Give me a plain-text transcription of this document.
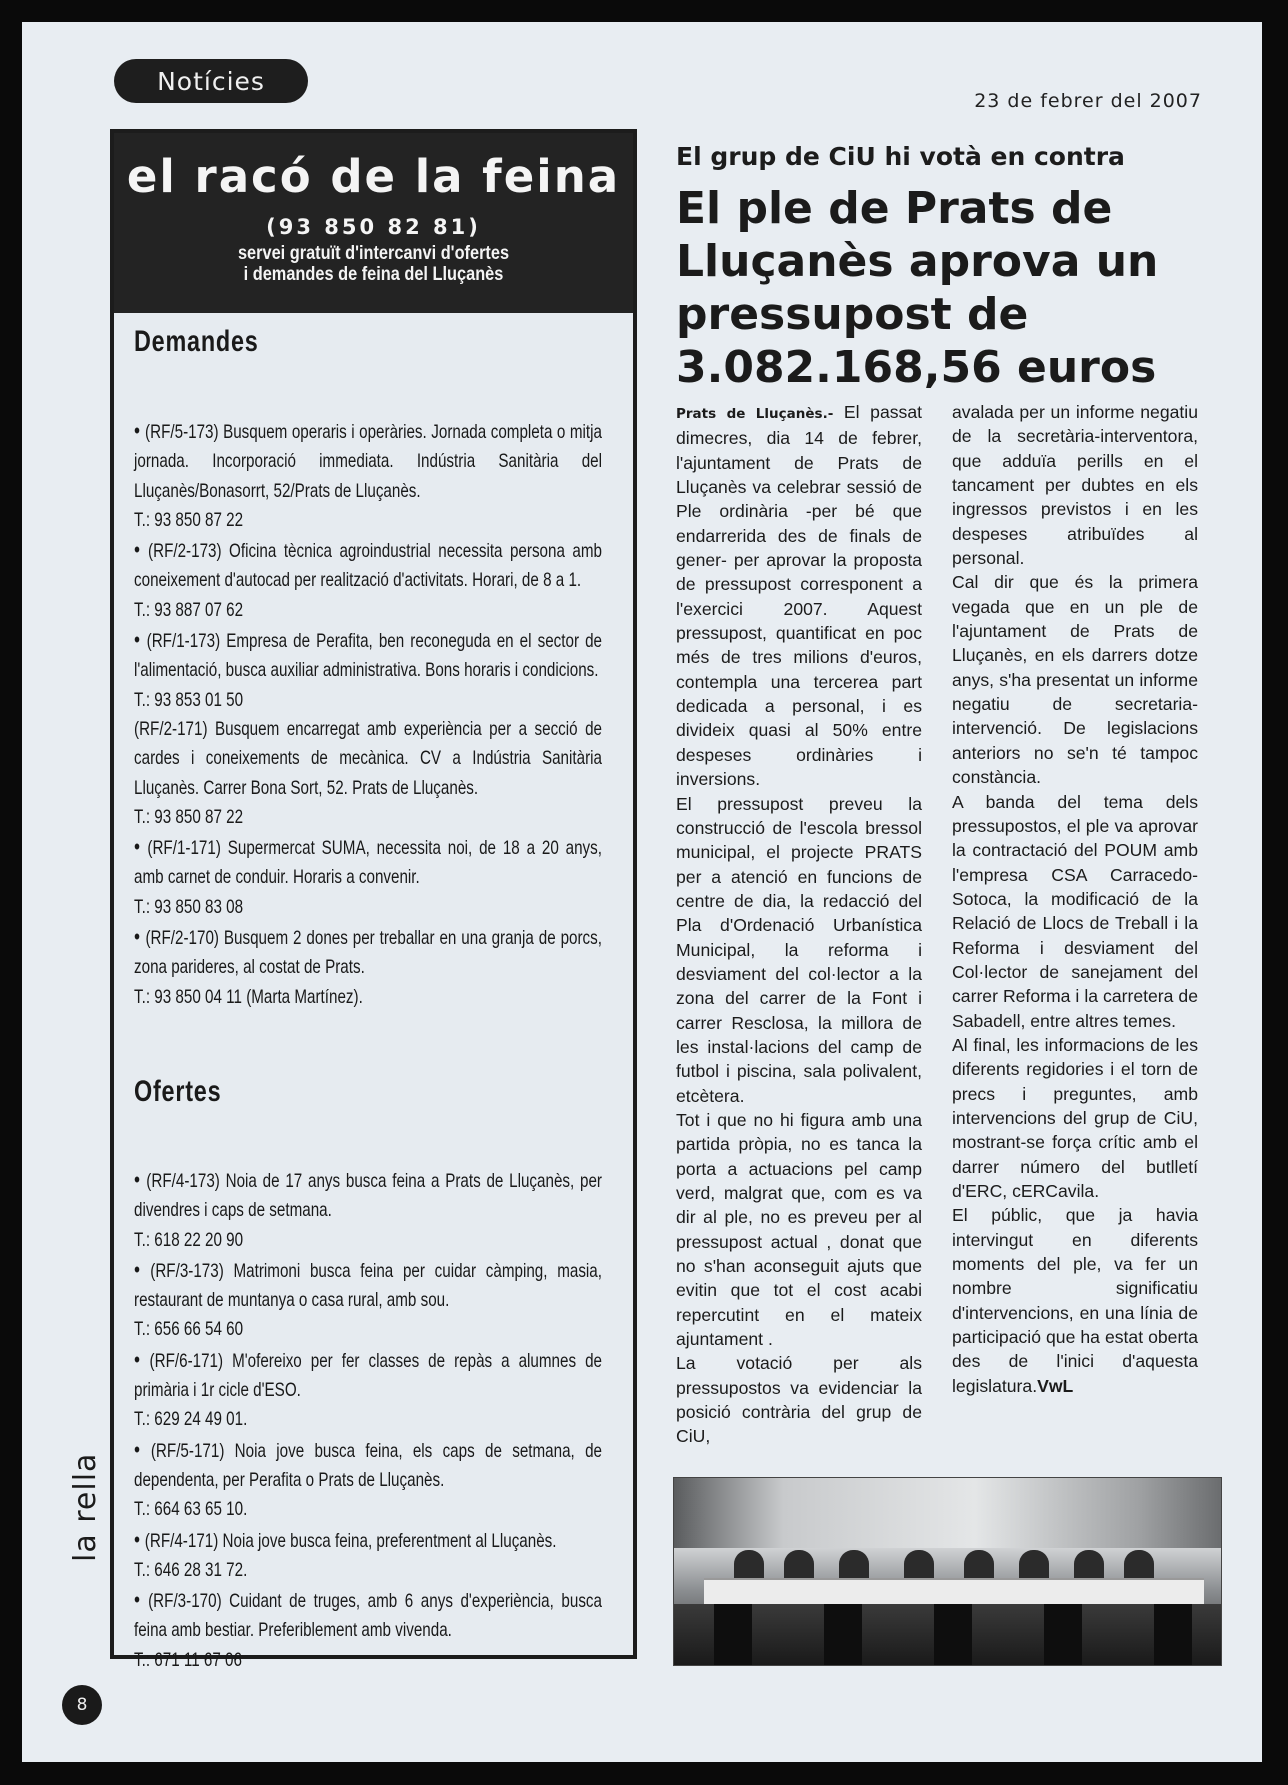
Notícies
23 de febrer del 2007
el racó de la feina
(93 850 82 81)
servei gratuït d'intercanvi d'ofertes
i demandes de feina del Lluçanès
Demandes
• (RF/5-173) Busquem operaris i operàries. Jornada completa o mitja jornada. Incorporació immediata. Indústria Sanitària del Lluçanès/Bonasorrt, 52/Prats de Lluçanès.
T.: 93 850 87 22
• (RF/2-173) Oficina tècnica agroindustrial necessita persona amb coneixement d'autocad per realització d'activitats. Horari, de 8 a 1.
T.: 93 887 07 62
• (RF/1-173) Empresa de Perafita, ben reconeguda en el sector de l'alimentació, busca auxiliar administrativa. Bons horaris i condicions.
T.: 93 853 01 50
(RF/2-171) Busquem encarregat amb experiència per a secció de cardes i coneixements de mecànica. CV a Indústria Sanitària Lluçanès. Carrer Bona Sort, 52. Prats de Lluçanès.
T.: 93 850 87 22
• (RF/1-171) Supermercat SUMA, necessita noi, de 18 a 20 anys, amb carnet de conduir. Horaris a convenir.
T.: 93 850 83 08
• (RF/2-170) Busquem 2 dones per treballar en una granja de porcs, zona parideres, al costat de Prats.
T.: 93 850 04 11 (Marta Martínez).
Ofertes
• (RF/4-173) Noia de 17 anys busca feina a Prats de Lluçanès, per divendres i caps de setmana.
T.: 618 22 20 90
• (RF/3-173) Matrimoni busca feina per cuidar càmping, masia, restaurant de muntanya o casa rural, amb sou.
T.: 656 66 54 60
• (RF/6-171) M'ofereixo per fer classes de repàs a alumnes de primària i 1r cicle d'ESO.
T.: 629 24 49 01.
• (RF/5-171) Noia jove busca feina, els caps de setmana, de dependenta, per Perafita o Prats de Lluçanès.
T.: 664 63 65 10.
• (RF/4-171) Noia jove busca feina, preferentment al Lluçanès.
T.: 646 28 31 72.
• (RF/3-170) Cuidant de truges, amb 6 anys d'experiència, busca feina amb bestiar. Preferiblement amb vivenda.
T.: 671 11 67 06
El grup de CiU hi votà en contra
El ple de Prats de Lluçanès aprova un pressupost de 3.082.168,56 euros

Prats de Lluçanès.- El passat dimecres, dia 14 de febrer, l'ajuntament de Prats de Lluçanès va celebrar sessió de Ple ordinària -per bé que endarrerida des de finals de gener- per aprovar la proposta de pressupost corresponent a l'exercici 2007. Aquest pressupost, quantificat en poc més de tres milions d'euros, contempla una tercerea part dedicada a personal, i es divideix quasi al 50% entre despeses ordinàries i inversions.

El pressupost preveu la construcció de l'escola bressol municipal, el projecte PRATS per a atenció en funcions de centre de dia, la redacció del Pla d'Ordenació Urbanística Municipal, la reforma i desviament del col·lector a la zona del carrer de la Font i carrer Resclosa, la millora de les instal·lacions del camp de futbol i piscina, sala polivalent, etcètera.

Tot i que no hi figura amb una partida pròpia, no es tanca la porta a actuacions pel camp verd, malgrat que, com es va dir al ple, no es preveu per al pressupost actual , donat que no s'han aconseguit ajuts que evitin que tot el cost acabi repercutint en el mateix ajuntament .

La votació per als pressupostos va evidenciar la posició contrària del grup de CiU,

avalada per un informe negatiu de la secretària-interventora, que adduïa perills en el tancament per dubtes en els ingressos previstos i en les despeses atribuïdes al personal.

Cal dir que és la primera vegada que en un ple de l'ajuntament de Prats de Lluçanès, en els darrers dotze anys, s'ha presentat un informe negatiu de secretaria-intervenció. De legislacions anteriors no se'n té tampoc constància.

A banda del tema dels pressupostos, el ple va aprovar la contractació del POUM amb l'empresa CSA Carracedo-Sotoca, la modificació de la Relació de Llocs de Treball i la Reforma i desviament del Col·lector de sanejament del carrer Reforma i la carretera de Sabadell, entre altres temes.

Al final, les informacions de les diferents regidories i el torn de precs i preguntes, amb intervencions del grup de CiU, mostrant-se força crític amb el darrer número del butlletí d'ERC, cERCavila.

El públic, que ja havia intervingut en diferents moments del ple, va fer un nombre significatiu d'intervencions, en una línia de participació que ha estat oberta des de l'inici d'aquesta legislatura.VwL

la rella
8
